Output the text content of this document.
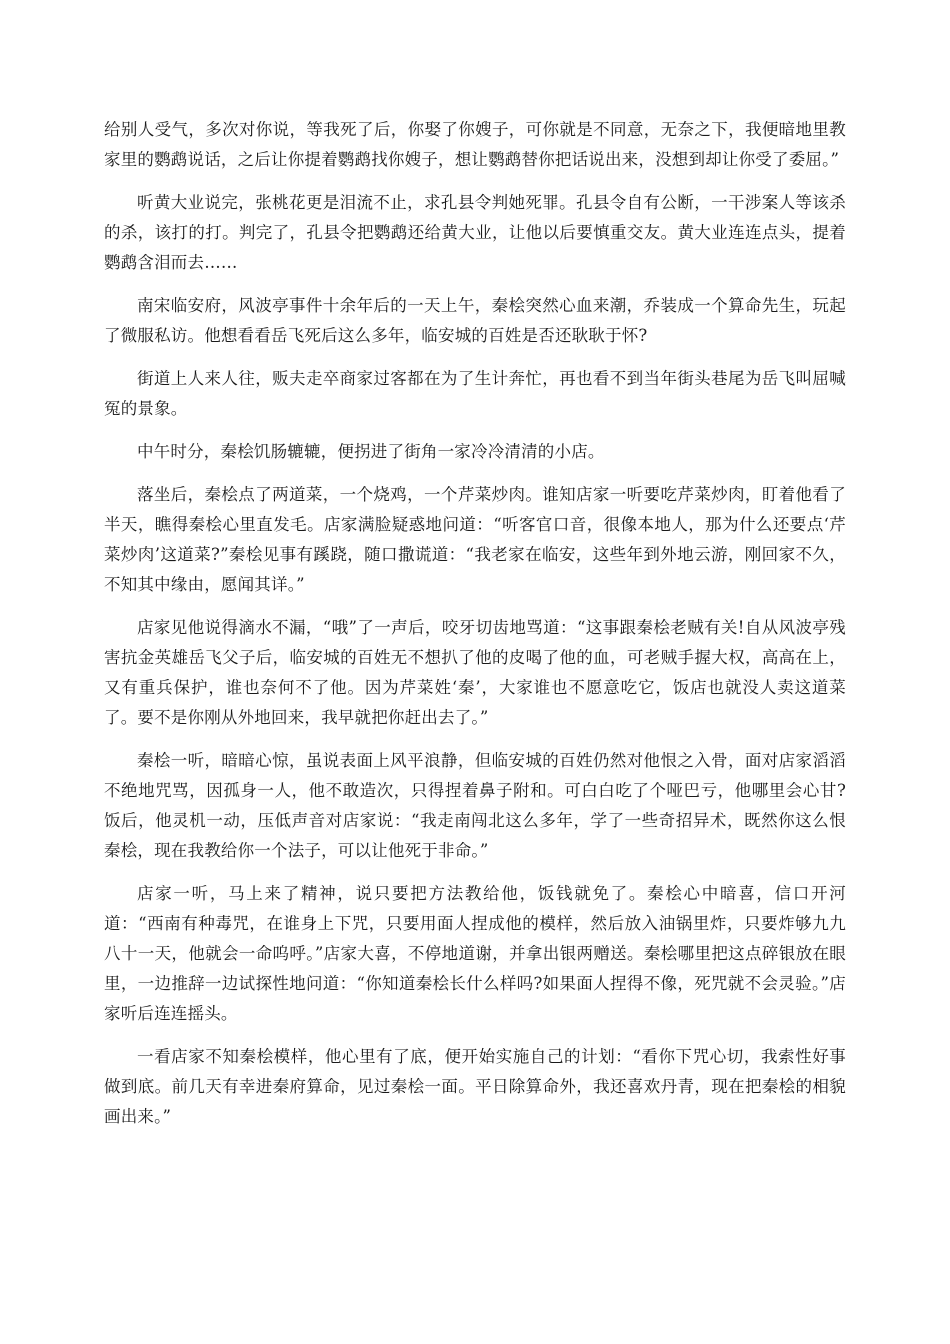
给别人受气，多次对你说，等我死了后，你娶了你嫂子，可你就是不同意，无奈之下，我便暗地里教家里的鹦鹉说话，之后让你提着鹦鹉找你嫂子，想让鹦鹉替你把话说出来，没想到却让你受了委屈。”

听黄大业说完，张桃花更是泪流不止，求孔县令判她死罪。孔县令自有公断，一干涉案人等该杀的杀，该打的打。判完了，孔县令把鹦鹉还给黄大业，让他以后要慎重交友。黄大业连连点头，提着鹦鹉含泪而去……

南宋临安府，风波亭事件十余年后的一天上午，秦桧突然心血来潮，乔装成一个算命先生，玩起了微服私访。他想看看岳飞死后这么多年，临安城的百姓是否还耿耿于怀?

街道上人来人往，贩夫走卒商家过客都在为了生计奔忙，再也看不到当年街头巷尾为岳飞叫屈喊冤的景象。

中午时分，秦桧饥肠辘辘，便拐进了街角一家冷冷清清的小店。

落坐后，秦桧点了两道菜，一个烧鸡，一个芹菜炒肉。谁知店家一听要吃芹菜炒肉，盯着他看了半天，瞧得秦桧心里直发毛。店家满脸疑惑地问道：“听客官口音，很像本地人，那为什么还要点‘芹菜炒肉’这道菜?”秦桧见事有蹊跷，随口撒谎道：“我老家在临安，这些年到外地云游，刚回家不久，不知其中缘由，愿闻其详。”

店家见他说得滴水不漏，“哦”了一声后，咬牙切齿地骂道：“这事跟秦桧老贼有关!自从风波亭残害抗金英雄岳飞父子后，临安城的百姓无不想扒了他的皮喝了他的血，可老贼手握大权，高高在上，又有重兵保护，谁也奈何不了他。因为芹菜姓‘秦’，大家谁也不愿意吃它，饭店也就没人卖这道菜了。要不是你刚从外地回来，我早就把你赶出去了。”

秦桧一听，暗暗心惊，虽说表面上风平浪静，但临安城的百姓仍然对他恨之入骨，面对店家滔滔不绝地咒骂，因孤身一人，他不敢造次，只得捏着鼻子附和。可白白吃了个哑巴亏，他哪里会心甘?饭后，他灵机一动，压低声音对店家说：“我走南闯北这么多年，学了一些奇招异术，既然你这么恨秦桧，现在我教给你一个法子，可以让他死于非命。”

店家一听，马上来了精神，说只要把方法教给他，饭钱就免了。秦桧心中暗喜，信口开河道：“西南有种毒咒，在谁身上下咒，只要用面人捏成他的模样，然后放入油锅里炸，只要炸够九九八十一天，他就会一命呜呼。”店家大喜，不停地道谢，并拿出银两赠送。秦桧哪里把这点碎银放在眼里，一边推辞一边试探性地问道：“你知道秦桧长什么样吗?如果面人捏得不像，死咒就不会灵验。”店家听后连连摇头。

一看店家不知秦桧模样，他心里有了底，便开始实施自己的计划：“看你下咒心切，我索性好事做到底。前几天有幸进秦府算命，见过秦桧一面。平日除算命外，我还喜欢丹青，现在把秦桧的相貌画出来。”
